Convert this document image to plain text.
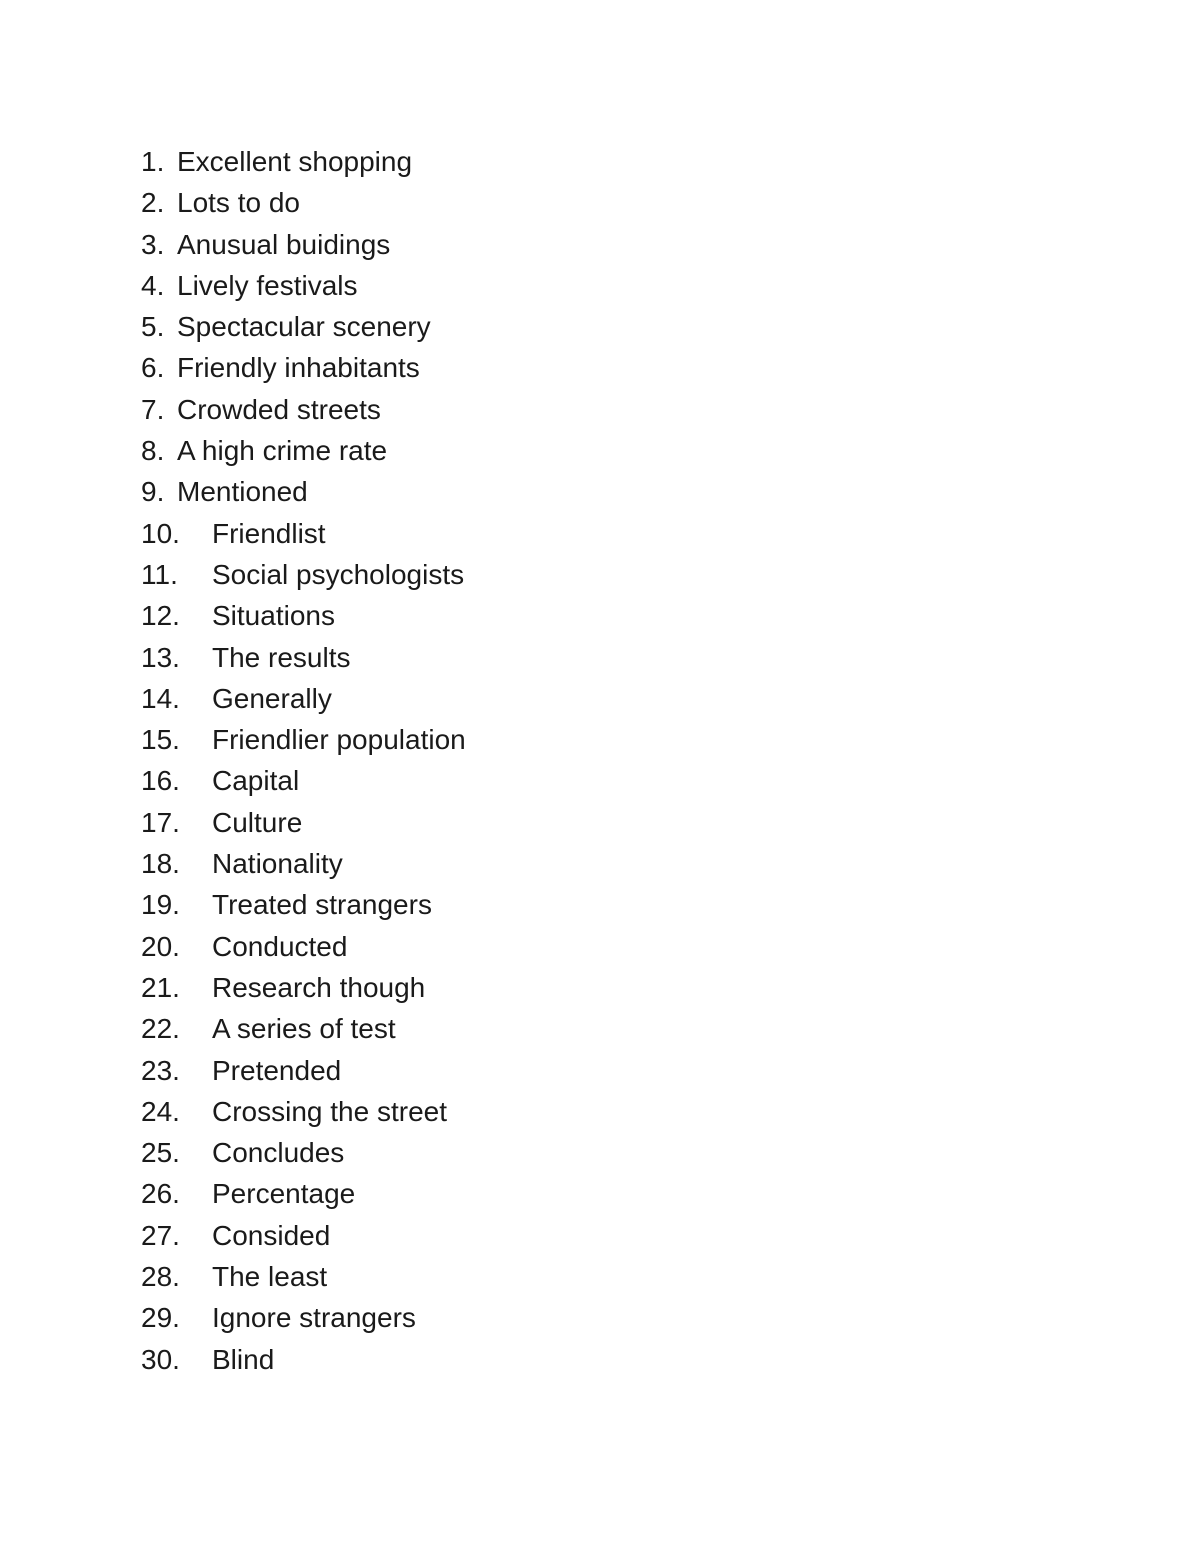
1. Excellent shopping
2. Lots to do
3. Anusual buidings
4. Lively festivals
5. Spectacular scenery
6. Friendly inhabitants
7. Crowded streets
8. A high crime rate
9. Mentioned
10. Friendlist
11. Social psychologists
12. Situations
13. The results
14. Generally
15. Friendlier population
16. Capital
17. Culture
18. Nationality
19. Treated strangers
20. Conducted
21. Research though
22. A series of test
23. Pretended
24. Crossing the street
25. Concludes
26. Percentage
27. Consided
28. The least
29. Ignore strangers
30. Blind
